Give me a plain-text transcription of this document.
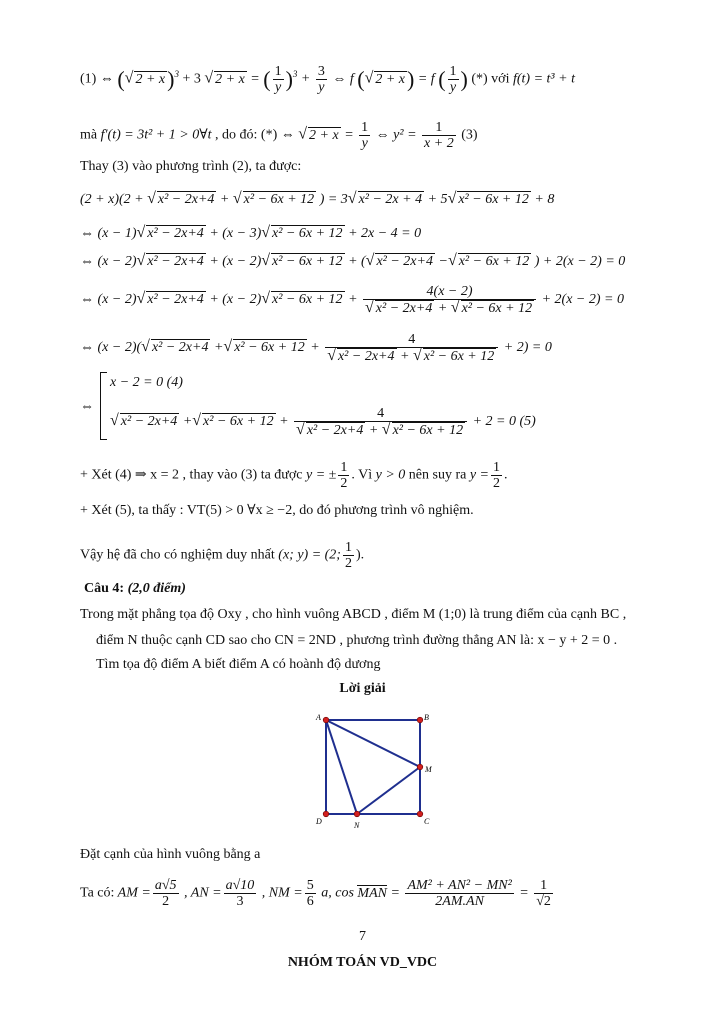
(1) ⇔ (√ 2 + x)$^3$ + 3 √ 2 + x = ( $\frac{1}{y} )^3 + \frac{3}{y}$ ⇔ f (√ 2 + x) = f ( $\frac{1}{y}$ ) (*) với f(t) = t³ + t
mà f′(t) = 3t² + 1 > 0∀t , do đó: (*) ⇔ √ $2 + x = \frac{1}{y}$ ⇔ $y^2 = \frac{1}{x + 2} (3)$
Thay (3) vào phương trình (2), ta được:
(2 + x)(2 + √ x² − 2x+4 + √ x² − 6x + 12 ) = 3√ x² − 2x + 4 + 5√ x² − 6x + 12 + 8
⇔ (x − 1)√ x² − 2x+4 + (x − 3)√ x² − 6x + 12 + 2x − 4 = 0
⇔ (x − 2)√ x² − 2x+4 + (x − 2)√ x² − 6x + 12 + (√ x² − 2x+4 −√ x² − 6x + 12 ) + 2(x − 2) = 0
⇔ (x − 2)√ x² − 2x+4 + (x − 2)√ $x^2 - 6x + 12 + \frac{4(x - 2)}{\text{√ x² − 2x+4 + √ x² − 6x + 12}} + 2(x - 2) = 0$
⇔ (x − 2)(√ x² − 2x+4 +√ $x^2 - 6x + 12 + \frac{4}{\text{√ x² − 2x+4 + √ x² − 6x + 12}} + 2) = 0$
⇔
x − 2 = 0 (4)
√ x² − 2x+4 +√ $x^2 - 6x + 12 + \frac{4}{\text{√ x² − 2x+4 + √ x² − 6x + 12}} + 2 = 0$ (5)
+ Xét (4) ⇒ x = 2 , thay vào (3) ta được y = ± $\frac{1}{2}$ . Vì y > 0 nên suy ra $y = \frac{1}{2}$ .
+ Xét (5), ta thấy : VT(5) > 0 ∀x ≥ −2, do đó phương trình vô nghiệm.
Vậy hệ đã cho có nghiệm duy nhất (x; y) = (2; $\frac{1}{2}$ ).
Câu 4: (2,0 điểm)
Trong mặt phẳng tọa độ Oxy , cho hình vuông ABCD , điểm M (1;0) là trung điểm của cạnh BC ,
điểm N thuộc cạnh CD sao cho CN = 2ND , phương trình đường thẳng AN là: x − y + 2 = 0 .
Tìm tọa độ điểm A biết điểm A có hoành độ dương
Lời giải
A	B
C
D
M
N
Đặt cạnh của hình vuông bằng a
Ta có: AM = $\frac{a√5}{2}$ , AN = $\frac{a√10}{3}$ , NM = $\frac{5}{6} a$, cos MAN = $\frac{\text{AM² + AN² − MN²}}{2AM.AN} = \frac{1}{√2}$
7
NHÓM TOÁN VD_VDC
